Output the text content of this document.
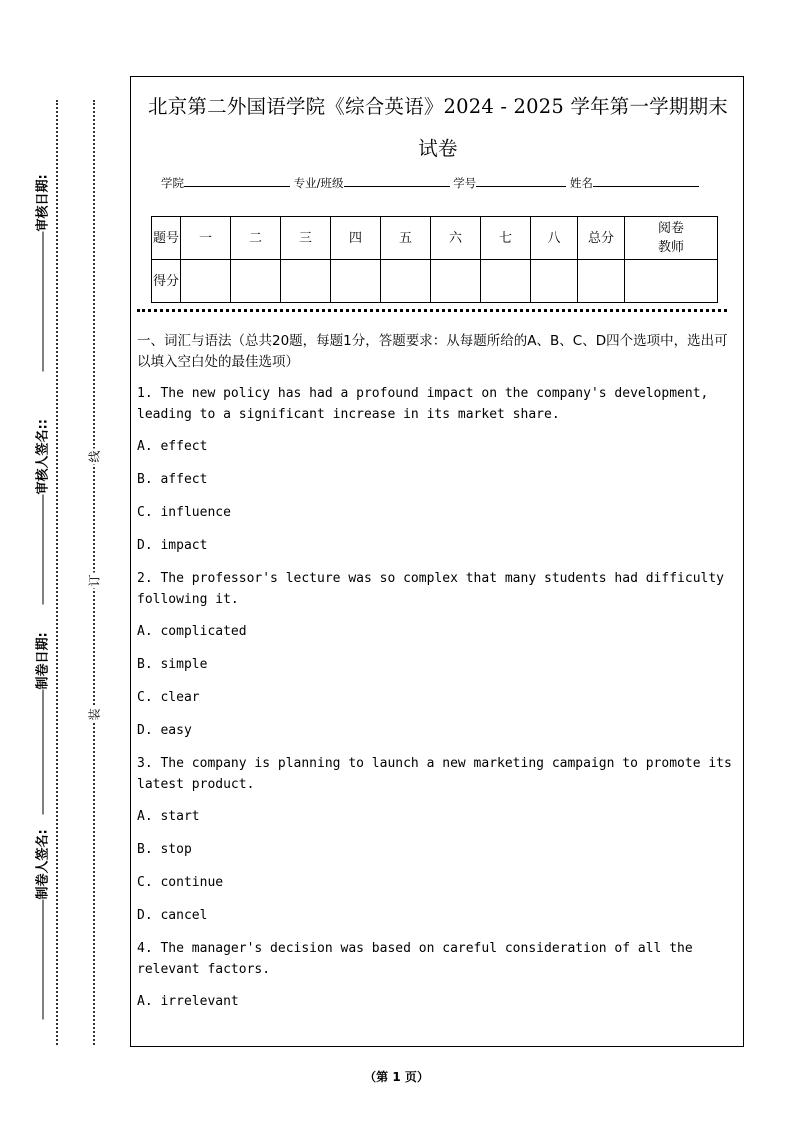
审核日期:
审核人签名::
制卷日期:
制卷人签名:
线
订
装
北京第二外国语学院《综合英语》2024 - 2025 学年第一学期期末
试卷
学院	专业/班级	学号	姓名
题号	一	二	三	四	五	六	七	八	总分	阅卷教师
得分										

一、词汇与语法（总共20题，每题1分，答题要求：从每题所给的A、B、C、D四个选项中，选出可以填入空白处的最佳选项）

1. The new policy has had a profound impact on the company's development, leading to a significant increase in its market share.

A. effect

B. affect

C. influence

D. impact

2. The professor's lecture was so complex that many students had difficulty following it.

A. complicated

B. simple

C. clear

D. easy

3. The company is planning to launch a new marketing campaign to promote its latest product.

A. start

B. stop

C. continue

D. cancel

4. The manager's decision was based on careful consideration of all the relevant factors.

A. irrelevant

（第 1 页）
